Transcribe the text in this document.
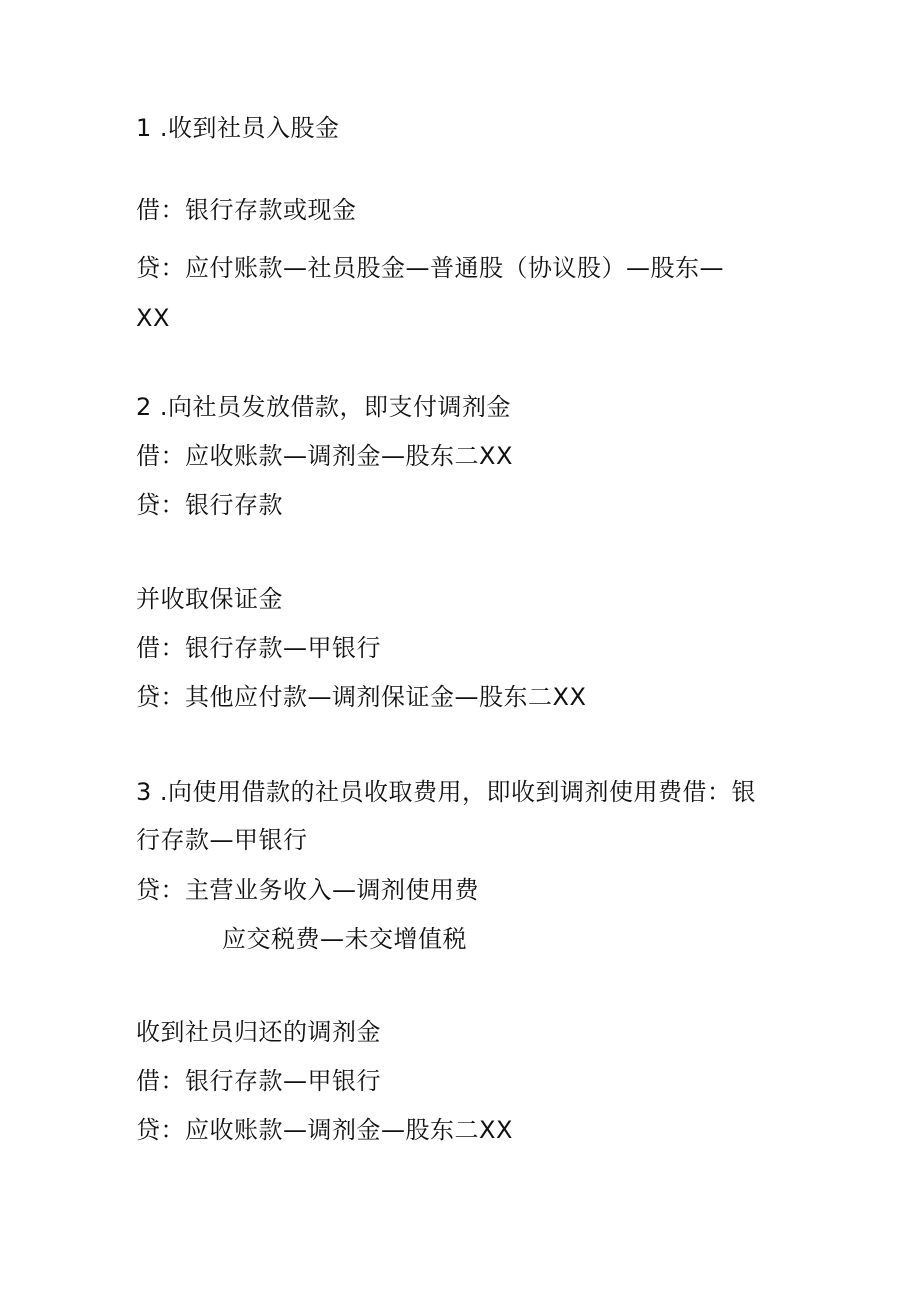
1 .收到社员入股金
借：银行存款或现金
贷：应付账款—社员股金—普通股（协议股）—股东—
XX
2 .向社员发放借款，即支付调剂金
借：应收账款—调剂金—股东二XX
贷：银行存款
并收取保证金
借：银行存款—甲银行
贷：其他应付款—调剂保证金—股东二XX
3 .向使用借款的社员收取费用，即收到调剂使用费借：银
行存款—甲银行
贷：主营业务收入—调剂使用费
应交税费—未交增值税
收到社员归还的调剂金
借：银行存款—甲银行
贷：应收账款—调剂金—股东二XX
